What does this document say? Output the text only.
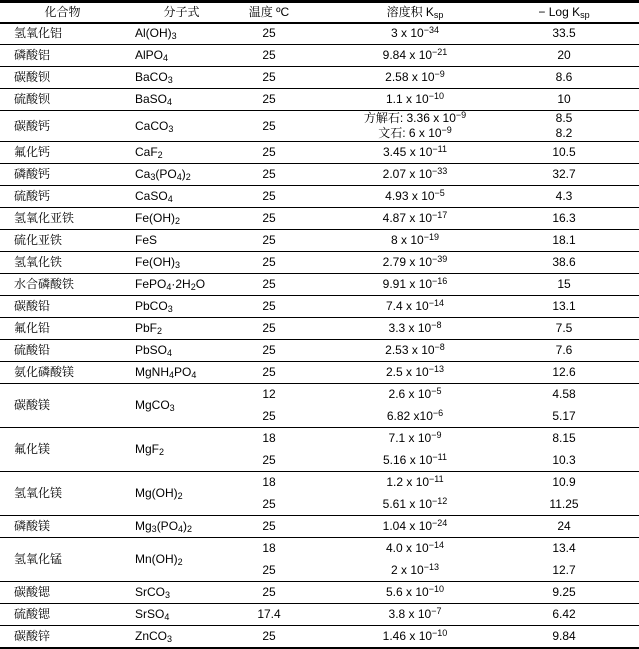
化合物	分子式	温度 ºC	溶度积 $K_{sp}$	− Log $K_{sp}$
氢氧化铝	$Al(OH)_3$	25	3 x $10^{-34}$	33.5
磷酸铝	AlPO$_4$	25	9.84 x $10^{-21}$	20
碳酸钡	BaCO$_3$	25	2.58 x $10^{-9}$	8.6
硫酸钡	BaSO$_4$	25	1.1 x $10^{-10}$	10
碳酸钙	CaCO$_3$	25	方解石: 3.36 x $10^{-9}$	8.5
			文石: 6 x $10^{-9}$	8.2
氟化钙	CaF$_2$	25	3.45 x $10^{-11}$	10.5
磷酸钙	$Ca_3(PO_4)_2$	25	2.07 x $10^{-33}$	32.7
硫酸钙	CaSO$_4$	25	4.93 x $10^{-5}$	4.3
氢氧化亚铁	$Fe(OH)_2$	25	4.87 x $10^{-17}$	16.3
硫化亚铁	FeS	25	8 x $10^{-19}$	18.1
氢氧化铁	$Fe(OH)_3$	25	2.79 x $10^{-39}$	38.6
水合磷酸铁	$FePO_4\cdot 2H_2O$	25	9.91 x $10^{-16}$	15
碳酸铅	PbCO$_3$	25	7.4 x $10^{-14}$	13.1
氟化铅	PbF$_2$	25	3.3 x $10^{-8}$	7.5
硫酸铅	PbSO$_4$	25	2.53 x $10^{-8}$	7.6
氨化磷酸镁	$MgNH_4PO_4$	25	2.5 x $10^{-13}$	12.6
碳酸镁	MgCO$_3$	12	2.6 x $10^{-5}$	4.58
		25	6.82 $x10^{-6}$	5.17
氟化镁	MgF$_2$	18	7.1 x $10^{-9}$	8.15
		25	5.16 x $10^{-11}$	10.3
氢氧化镁	$Mg(OH)_2$	18	1.2 x $10^{-11}$	10.9
		25	5.61 x $10^{-12}$	11.25
磷酸镁	$Mg_3(PO_4)_2$	25	1.04 x $10^{-24}$	24
氢氧化锰	$Mn(OH)_2$	18	4.0 x $10^{-14}$	13.4
		25	2 x $10^{-13}$	12.7
碳酸锶	SrCO$_3$	25	5.6 x $10^{-10}$	9.25
硫酸锶	SrSO$_4$	17.4	3.8 x $10^{-7}$	6.42
碳酸锌	ZnCO$_3$	25	1.46 x $10^{-10}$	9.84
